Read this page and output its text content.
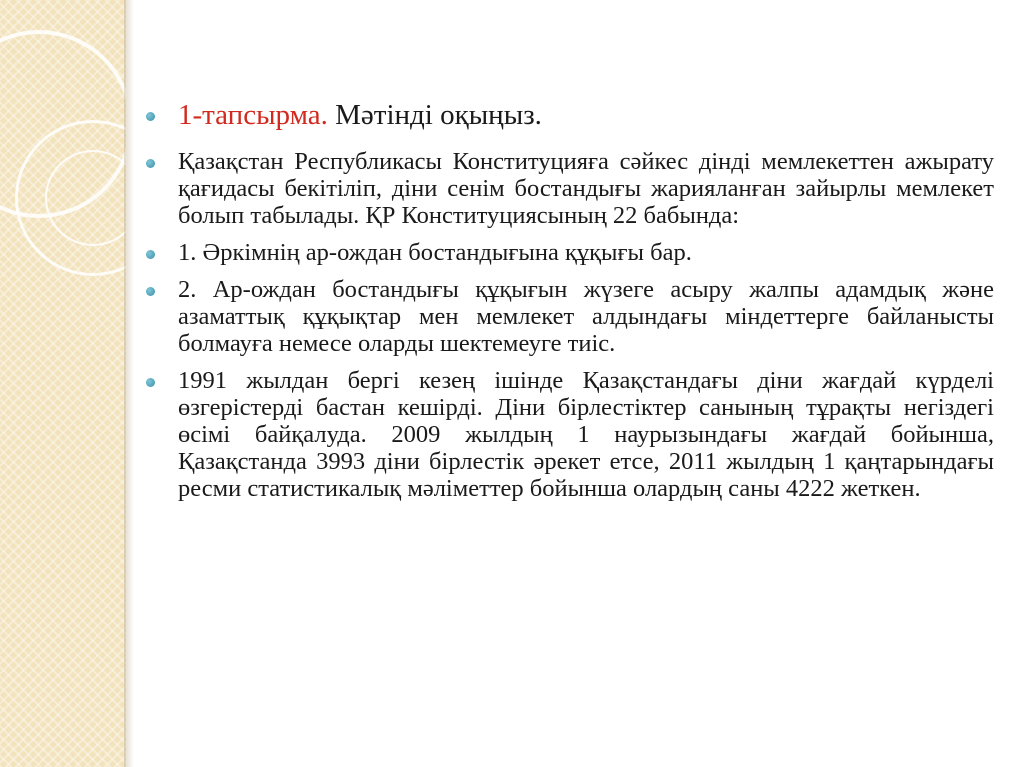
1-тапсырма. Мәтінді оқыңыз.
Қазақстан Республикасы Конституцияға сәйкес дінді мемлекеттен ажырату қағидасы бекітіліп, діни сенім бостандығы жарияланған зайырлы мемлекет болып табылады. ҚР Конституциясының 22 бабында:
1. Әркімнің ар-ождан бостандығына құқығы бар.
2. Ар-ождан бостандығы құқығын жүзеге асыру жалпы адамдық және азаматтық құқықтар мен мемлекет алдындағы міндеттерге байланысты болмауға немесе оларды шектемеуге тиіс.
1991 жылдан бергі кезең ішінде Қазақстандағы діни жағдай күрделі өзгерістерді бастан кешірді. Діни бірлестіктер санының тұрақты негіздегі өсімі байқалуда. 2009 жылдың 1 наурызындағы жағдай бойынша, Қазақстанда 3993 діни бірлестік әрекет етсе, 2011 жылдың 1 қаңтарындағы ресми статистикалық мәліметтер бойынша олардың саны 4222 жеткен.
